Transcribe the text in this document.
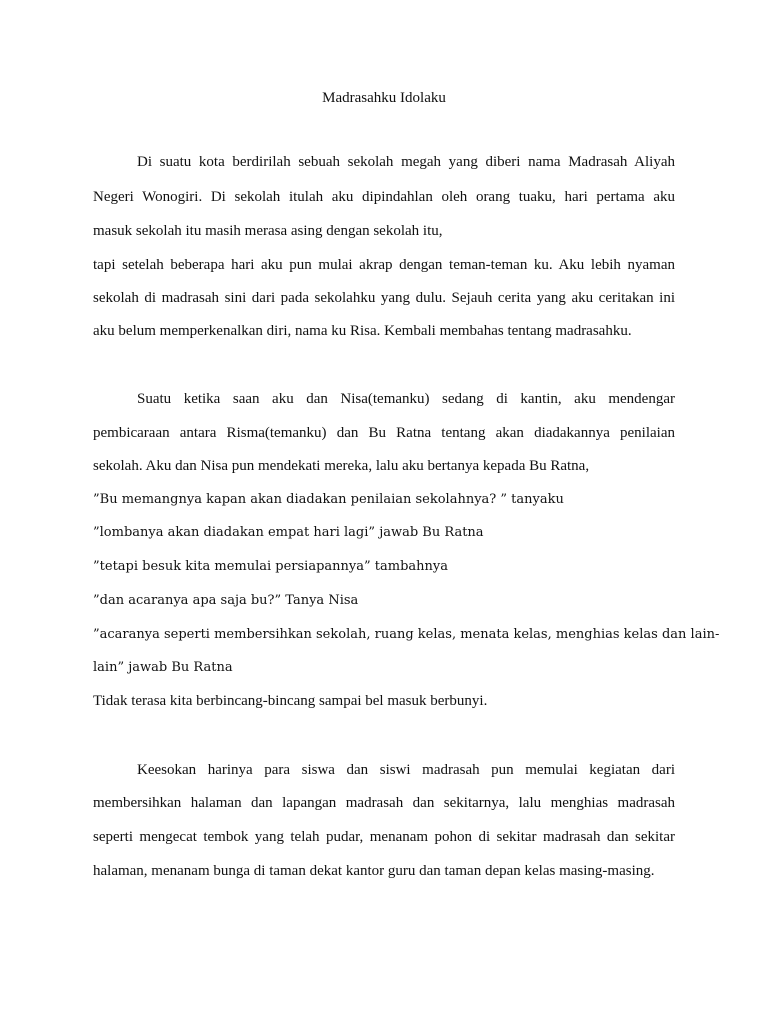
Madrasahku Idolaku
Di suatu kota berdirilah sebuah sekolah megah yang diberi nama Madrasah Aliyah
Negeri Wonogiri. Di sekolah itulah aku dipindahlan oleh orang tuaku, hari pertama aku
masuk sekolah itu masih merasa asing dengan sekolah itu,
tapi setelah beberapa hari aku pun mulai akrap dengan teman-teman ku. Aku lebih nyaman
sekolah di madrasah sini dari pada sekolahku yang dulu. Sejauh cerita yang aku ceritakan ini
aku belum memperkenalkan diri, nama ku Risa. Kembali membahas tentang madrasahku.
Suatu ketika saan aku dan Nisa(temanku) sedang di kantin, aku mendengar
pembicaraan antara Risma(temanku) dan Bu Ratna tentang akan diadakannya penilaian
sekolah. Aku dan Nisa pun mendekati mereka, lalu aku bertanya kepada Bu Ratna,
”Bu memangnya kapan akan diadakan penilaian sekolahnya? ” tanyaku
”lombanya akan diadakan empat hari lagi” jawab Bu Ratna
”tetapi besuk kita memulai persiapannya” tambahnya
”dan acaranya apa saja bu?” Tanya Nisa
”acaranya seperti membersihkan sekolah, ruang kelas, menata kelas, menghias kelas dan lain-
lain” jawab Bu Ratna
Tidak terasa kita berbincang-bincang sampai bel masuk berbunyi.
Keesokan harinya para siswa dan siswi madrasah pun memulai kegiatan dari
membersihkan halaman dan lapangan madrasah dan sekitarnya, lalu menghias madrasah
seperti mengecat tembok yang telah pudar, menanam pohon di sekitar madrasah dan sekitar
halaman, menanam bunga di taman dekat kantor guru dan taman depan kelas masing-masing.
